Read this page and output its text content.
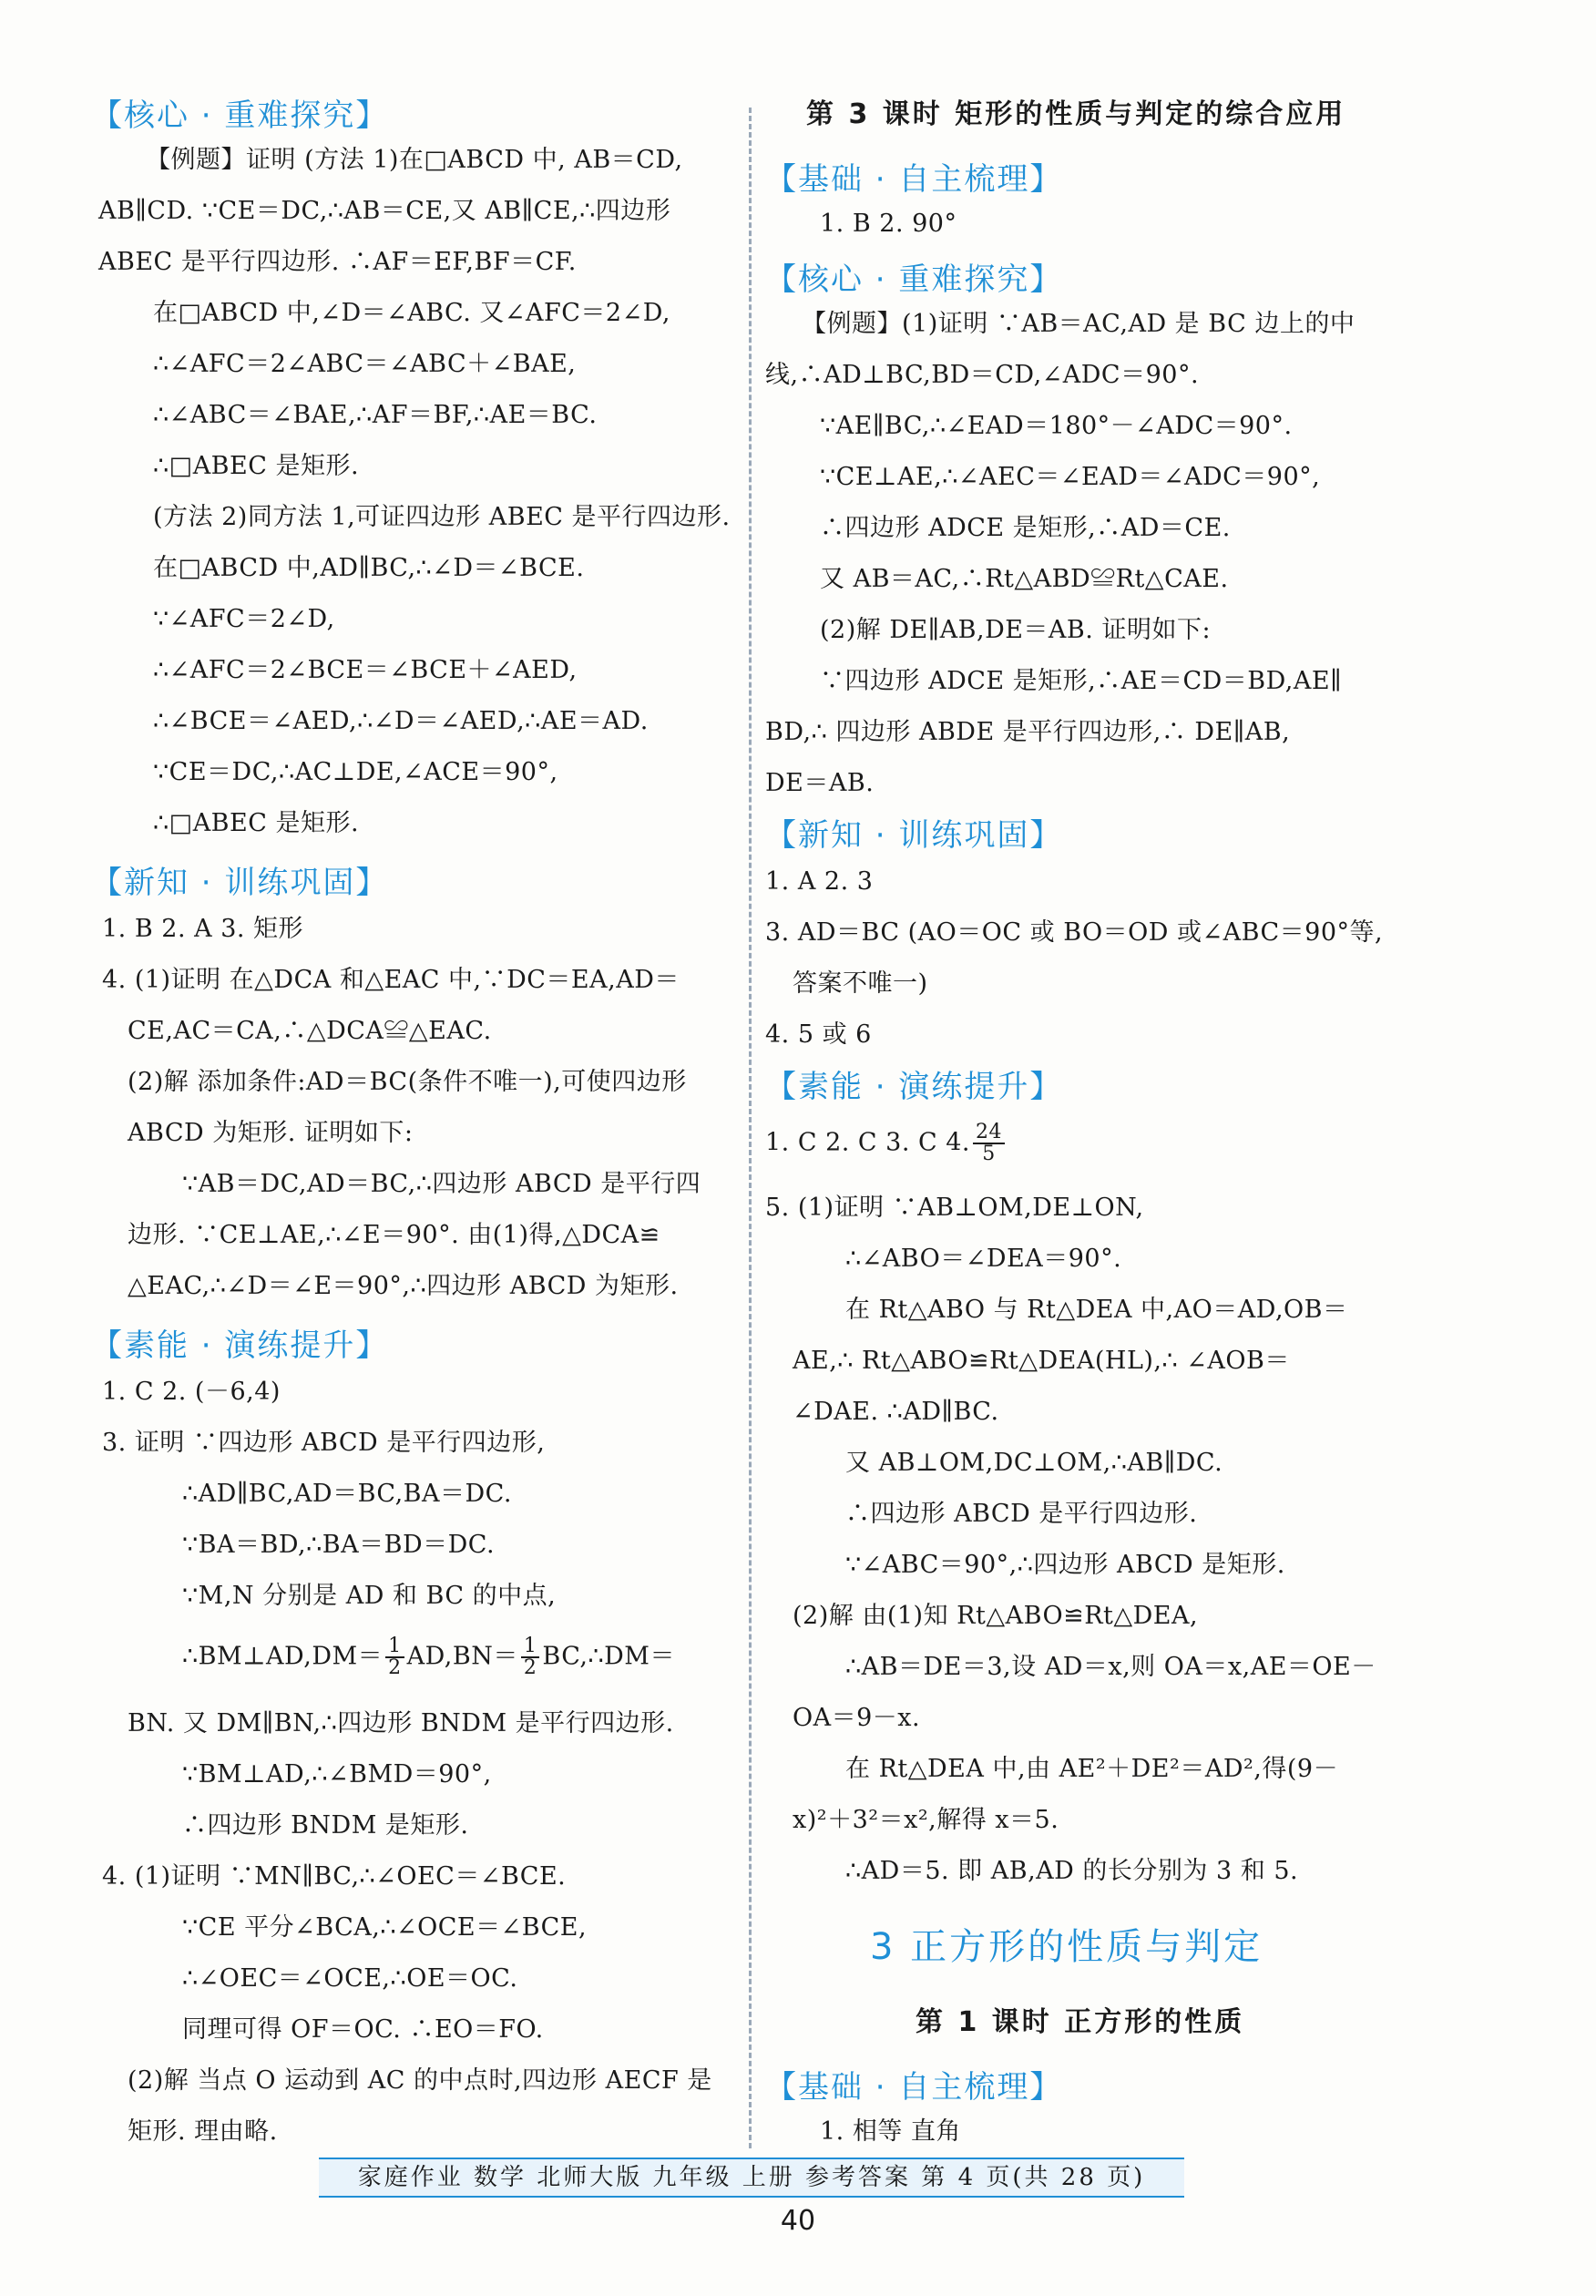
【核心 · 重难探究】
【例题】证明 (方法 1)在□ABCD 中, AB＝CD,
AB∥CD. ∵CE＝DC,∴AB＝CE,又 AB∥CE,∴四边形
ABEC 是平行四边形. ∴AF＝EF,BF＝CF.
在□ABCD 中,∠D＝∠ABC. 又∠AFC＝2∠D,
∴∠AFC＝2∠ABC＝∠ABC＋∠BAE,
∴∠ABC＝∠BAE,∴AF＝BF,∴AE＝BC.
∴□ABEC 是矩形.
(方法 2)同方法 1,可证四边形 ABEC 是平行四边形.
在□ABCD 中,AD∥BC,∴∠D＝∠BCE.
∵∠AFC＝2∠D,
∴∠AFC＝2∠BCE＝∠BCE＋∠AED,
∴∠BCE＝∠AED,∴∠D＝∠AED,∴AE＝AD.
∵CE＝DC,∴AC⊥DE,∠ACE＝90°,
∴□ABEC 是矩形.
【新知 · 训练巩固】
1. B 2. A 3. 矩形
4. (1)证明 在△DCA 和△EAC 中,∵DC＝EA,AD＝
CE,AC＝CA,∴△DCA≌△EAC.
(2)解 添加条件:AD＝BC(条件不唯一),可使四边形
ABCD 为矩形. 证明如下:
∵AB＝DC,AD＝BC,∴四边形 ABCD 是平行四
边形. ∵CE⊥AE,∴∠E＝90°. 由(1)得,△DCA≌
△EAC,∴∠D＝∠E＝90°,∴四边形 ABCD 为矩形.
【素能 · 演练提升】
1. C 2. (－6,4)
3. 证明 ∵四边形 ABCD 是平行四边形,
∴AD∥BC,AD＝BC,BA＝DC.
∵BA＝BD,∴BA＝BD＝DC.
∵M,N 分别是 AD 和 BC 的中点,
∴BM⊥AD,DM＝ $\frac{1}{2} AD,BN= \frac{1}{2}$ BC,∴DM＝
BN. 又 DM∥BN,∴四边形 BNDM 是平行四边形.
∵BM⊥AD,∴∠BMD＝90°,
∴四边形 BNDM 是矩形.
4. (1)证明 ∵MN∥BC,∴∠OEC＝∠BCE.
∵CE 平分∠BCA,∴∠OCE＝∠BCE,
∴∠OEC＝∠OCE,∴OE＝OC.
同理可得 OF＝OC. ∴EO＝FO.
(2)解 当点 O 运动到 AC 的中点时,四边形 AECF 是
矩形. 理由略.
第 3 课时 矩形的性质与判定的综合应用
【基础 · 自主梳理】
1. B 2. 90°
【核心 · 重难探究】
【例题】(1)证明 ∵AB＝AC,AD 是 BC 边上的中
线,∴AD⊥BC,BD＝CD,∠ADC＝90°.
∵AE∥BC,∴∠EAD＝180°－∠ADC＝90°.
∵CE⊥AE,∴∠AEC＝∠EAD＝∠ADC＝90°,
∴四边形 ADCE 是矩形,∴AD＝CE.
又 AB＝AC,∴Rt△ABD≌Rt△CAE.
(2)解 DE∥AB,DE＝AB. 证明如下:
∵四边形 ADCE 是矩形,∴AE＝CD＝BD,AE∥
BD,∴ 四边形 ABDE 是平行四边形,∴ DE∥AB,
DE＝AB.
【新知 · 训练巩固】
1. A 2. 3
3. AD＝BC (AO＝OC 或 BO＝OD 或∠ABC＝90°等,
答案不唯一)
4. 5 或 6
【素能 · 演练提升】
1. C 2. C 3. C 4. $\frac{24}{5}$
5. (1)证明 ∵AB⊥OM,DE⊥ON,
∴∠ABO＝∠DEA＝90°.
在 Rt△ABO 与 Rt△DEA 中,AO＝AD,OB＝
AE,∴ Rt△ABO≌Rt△DEA(HL),∴ ∠AOB＝
∠DAE. ∴AD∥BC.
又 AB⊥OM,DC⊥OM,∴AB∥DC.
∴四边形 ABCD 是平行四边形.
∵∠ABC＝90°,∴四边形 ABCD 是矩形.
(2)解 由(1)知 Rt△ABO≌Rt△DEA,
∴AB＝DE＝3,设 AD＝x,则 OA＝x,AE＝OE－
OA＝9－x.
在 Rt△DEA 中,由 AE²＋DE²＝AD²,得(9－
x)²＋3²＝x²,解得 x＝5.
∴AD＝5. 即 AB,AD 的长分别为 3 和 5.
3 正方形的性质与判定
第 1 课时 正方形的性质
【基础 · 自主梳理】
1. 相等 直角
家庭作业 数学 北师大版 九年级 上册 参考答案 第 4 页(共 28 页)
40
